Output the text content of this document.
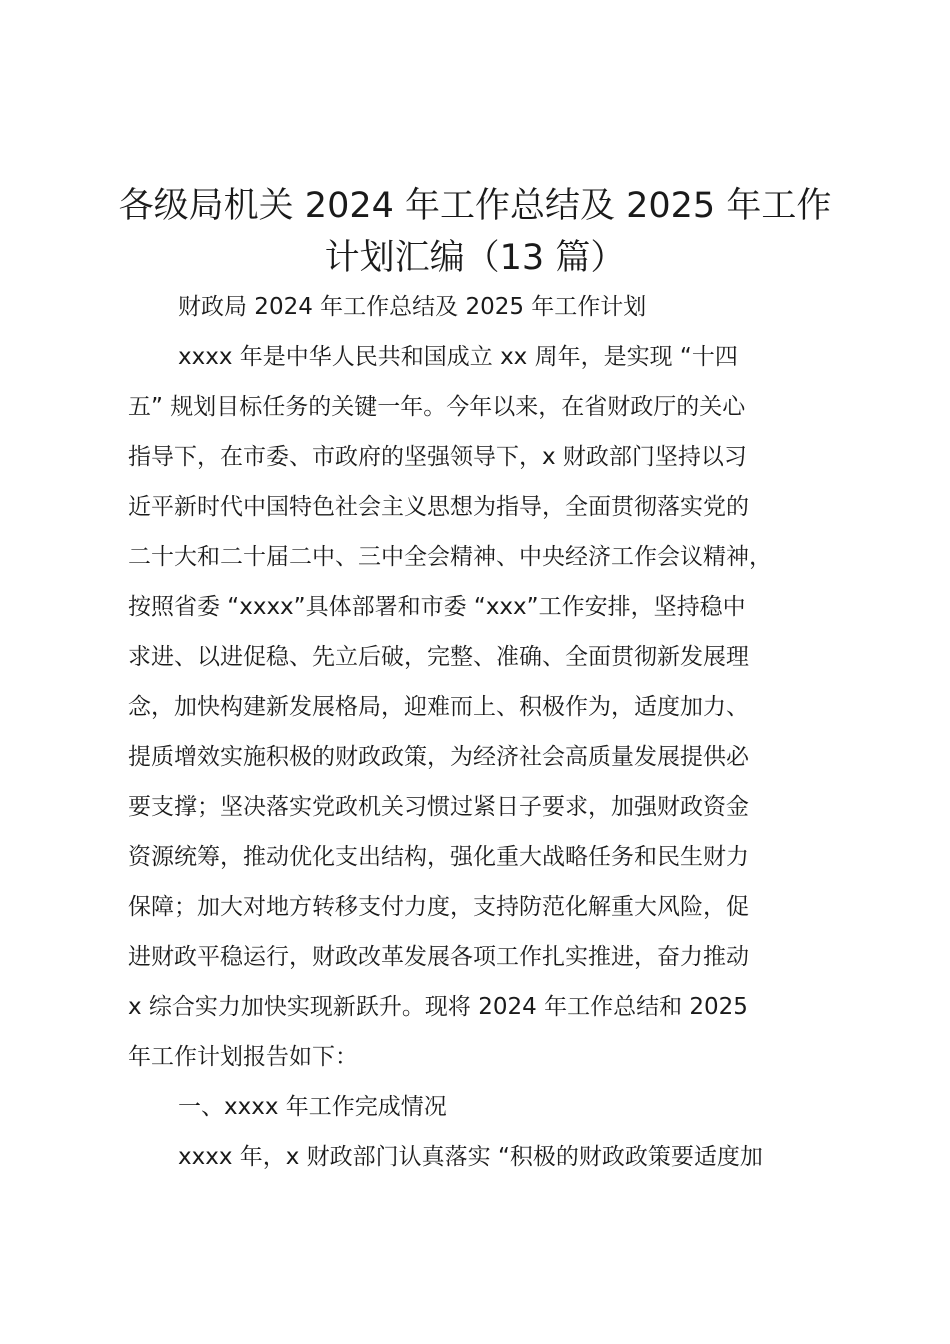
各级局机关 2024 年工作总结及 2025 年工作
计划汇编（13 篇）
财政局 2024 年工作总结及 2025 年工作计划
xxxx 年是中华人民共和国成立 xx 周年，是实现 “十四
五” 规划目标任务的关键一年。今年以来，在省财政厅的关心
指导下，在市委、市政府的坚强领导下，x 财政部门坚持以习
近平新时代中国特色社会主义思想为指导，全面贯彻落实党的
二十大和二十届二中、三中全会精神、中央经济工作会议精神，
按照省委 “xxxx”具体部署和市委 “xxx”工作安排，坚持稳中
求进、以进促稳、先立后破，完整、准确、全面贯彻新发展理
念，加快构建新发展格局，迎难而上、积极作为，适度加力、
提质增效实施积极的财政政策，为经济社会高质量发展提供必
要支撑；坚决落实党政机关习惯过紧日子要求，加强财政资金
资源统筹，推动优化支出结构，强化重大战略任务和民生财力
保障；加大对地方转移支付力度，支持防范化解重大风险，促
进财政平稳运行，财政改革发展各项工作扎实推进，奋力推动
x 综合实力加快实现新跃升。现将 2024 年工作总结和 2025
年工作计划报告如下：
一、xxxx 年工作完成情况
xxxx 年，x 财政部门认真落实 “积极的财政政策要适度加
